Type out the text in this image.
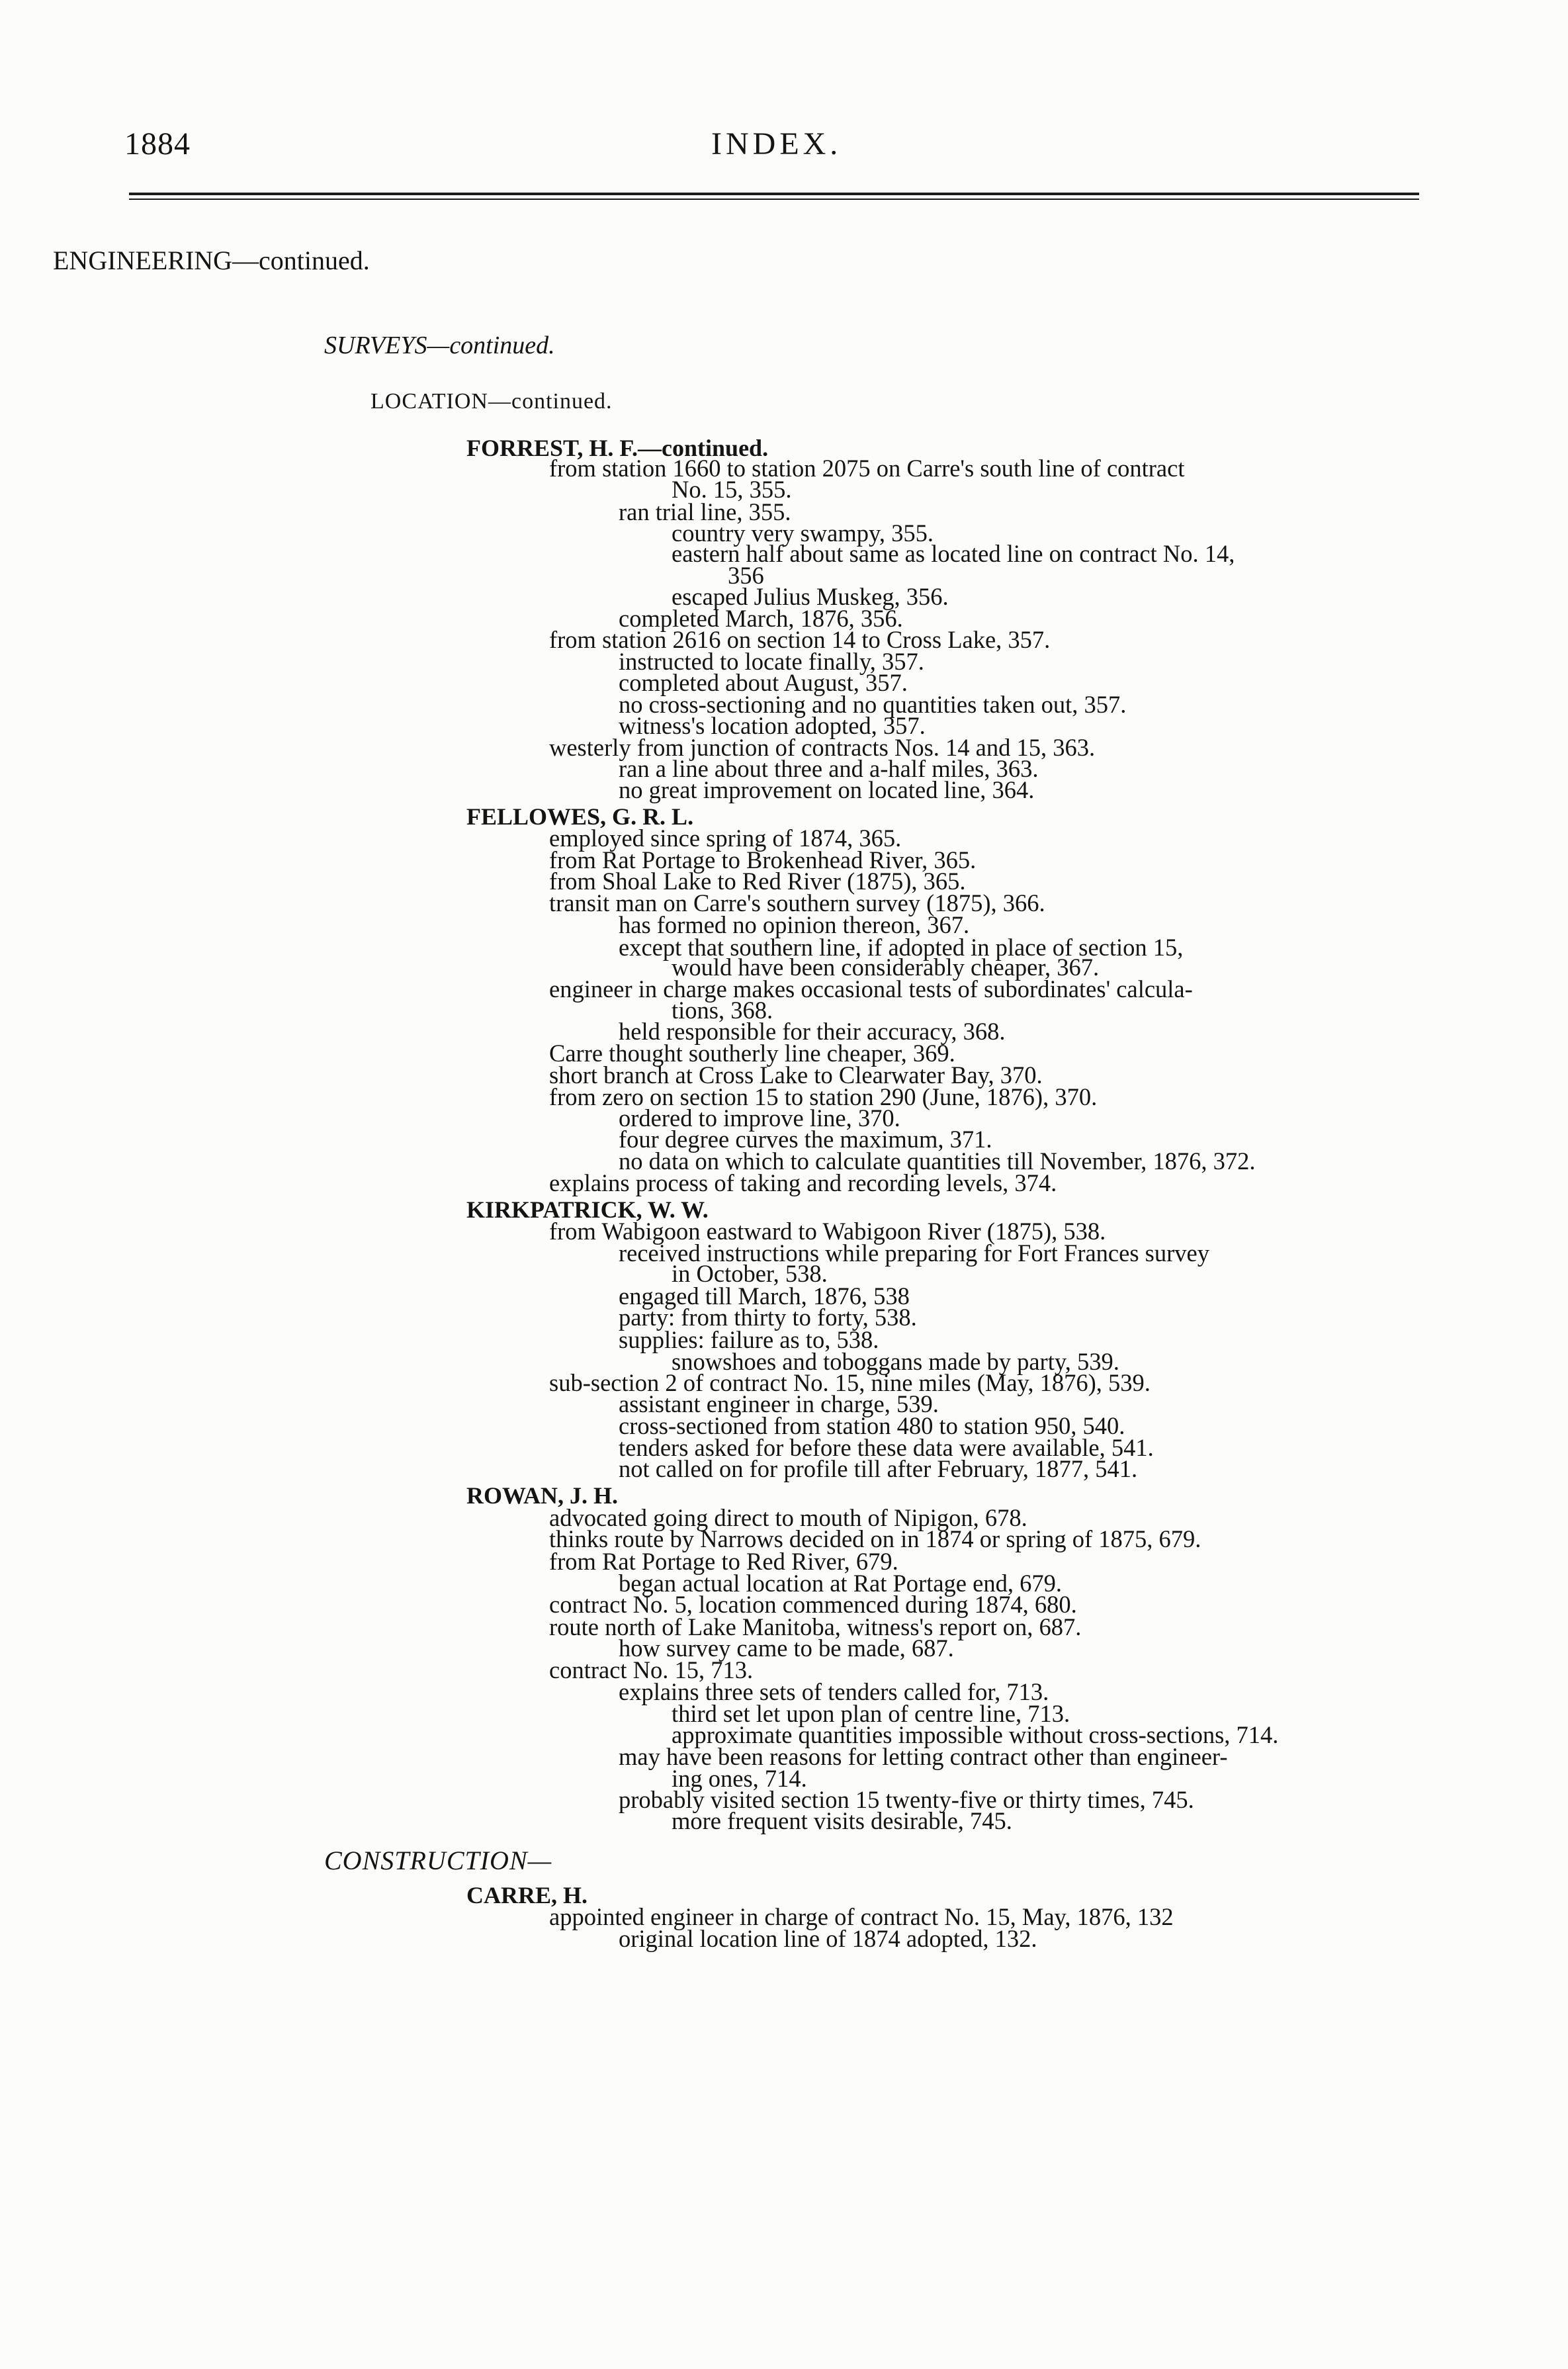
1884	INDEX.
ENGINEERING—continued.
SURVEYS—continued.
LOCATION—continued.
FORREST, H. F.—continued.
from station 1660 to station 2075 on Carre's south line of contract
No. 15, 355.
ran trial line, 355.
country very swampy, 355.
eastern half about same as located line on contract No. 14,
356
escaped Julius Muskeg, 356.
completed March, 1876, 356.
from station 2616 on section 14 to Cross Lake, 357.
instructed to locate finally, 357.
completed about August, 357.
no cross-sectioning and no quantities taken out, 357.
witness's location adopted, 357.
westerly from junction of contracts Nos. 14 and 15, 363.
ran a line about three and a-half miles, 363.
no great improvement on located line, 364.
FELLOWES, G. R. L.
employed since spring of 1874, 365.
from Rat Portage to Brokenhead River, 365.
from Shoal Lake to Red River (1875), 365.
transit man on Carre's southern survey (1875), 366.
has formed no opinion thereon, 367.
except that southern line, if adopted in place of section 15,
would have been considerably cheaper, 367.
engineer in charge makes occasional tests of subordinates' calcula-
tions, 368.
held responsible for their accuracy, 368.
Carre thought southerly line cheaper, 369.
short branch at Cross Lake to Clearwater Bay, 370.
from zero on section 15 to station 290 (June, 1876), 370.
ordered to improve line, 370.
four degree curves the maximum, 371.
no data on which to calculate quantities till November, 1876, 372.
explains process of taking and recording levels, 374.
KIRKPATRICK, W. W.
from Wabigoon eastward to Wabigoon River (1875), 538.
received instructions while preparing for Fort Frances survey
in October, 538.
engaged till March, 1876, 538
party: from thirty to forty, 538.
supplies: failure as to, 538.
snowshoes and toboggans made by party, 539.
sub-section 2 of contract No. 15, nine miles (May, 1876), 539.
assistant engineer in charge, 539.
cross-sectioned from station 480 to station 950, 540.
tenders asked for before these data were available, 541.
not called on for profile till after February, 1877, 541.
ROWAN, J. H.
advocated going direct to mouth of Nipigon, 678.
thinks route by Narrows decided on in 1874 or spring of 1875, 679.
from Rat Portage to Red River, 679.
began actual location at Rat Portage end, 679.
contract No. 5, location commenced during 1874, 680.
route north of Lake Manitoba, witness's report on, 687.
how survey came to be made, 687.
contract No. 15, 713.
explains three sets of tenders called for, 713.
third set let upon plan of centre line, 713.
approximate quantities impossible without cross-sections, 714.
may have been reasons for letting contract other than engineer-
ing ones, 714.
probably visited section 15 twenty-five or thirty times, 745.
more frequent visits desirable, 745.
CONSTRUCTION—
CARRE, H.
appointed engineer in charge of contract No. 15, May, 1876, 132
original location line of 1874 adopted, 132.
